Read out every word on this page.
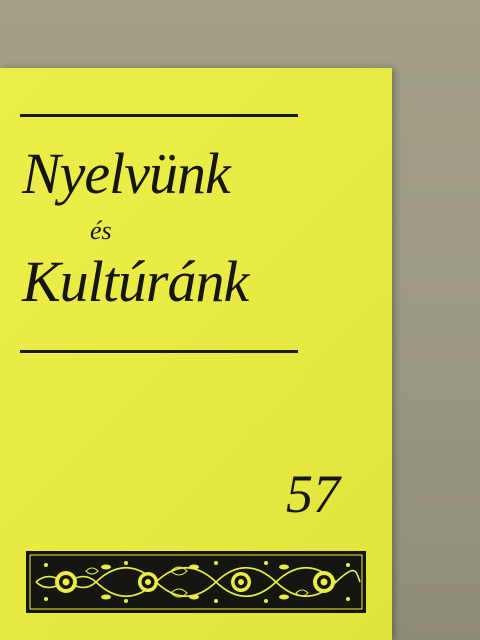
Nyelvünk
és
Kultúránk

57
